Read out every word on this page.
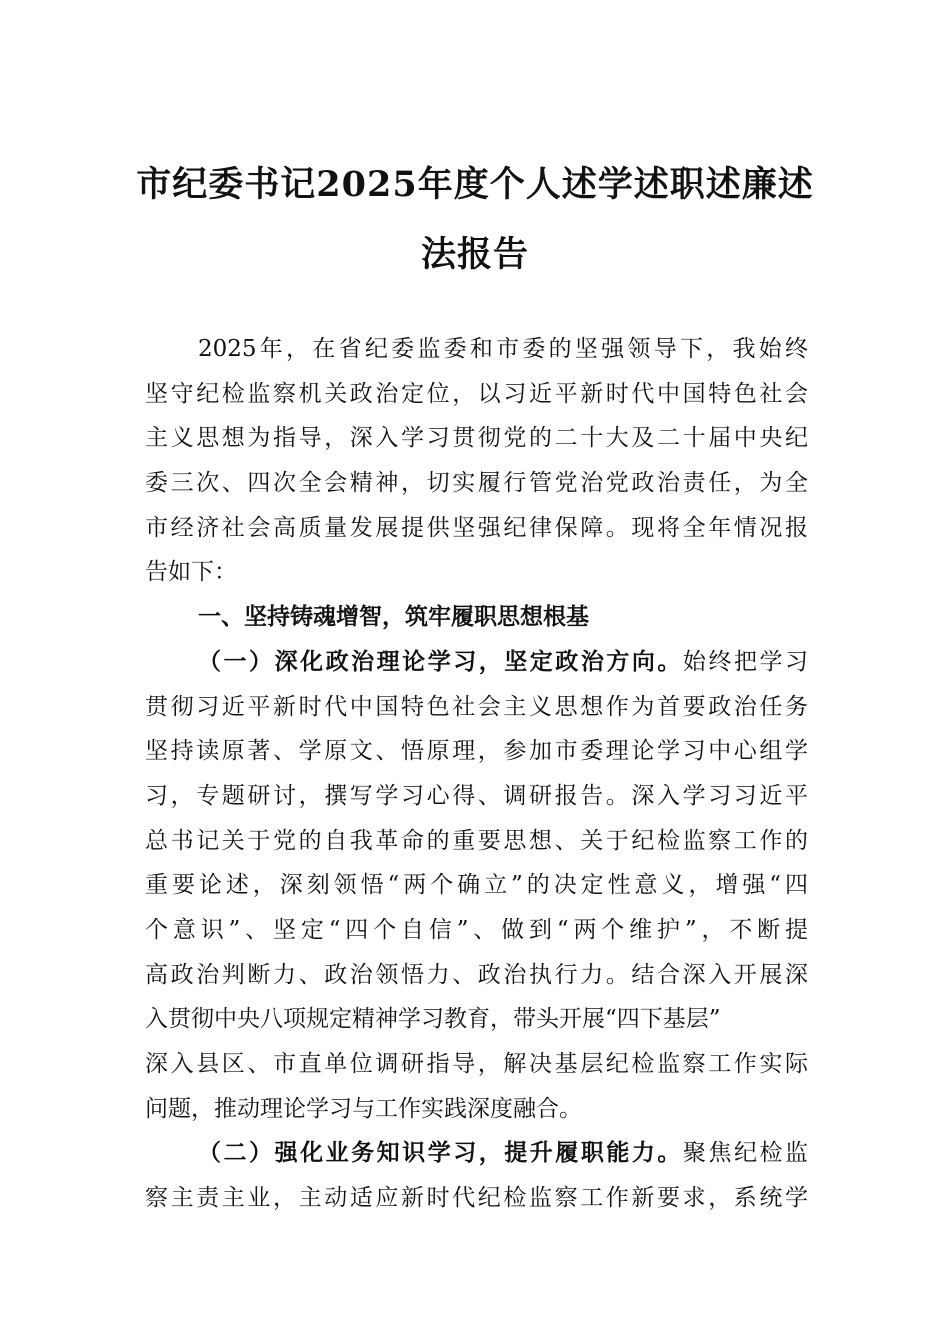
市纪委书记2025年度个人述学述职述廉述
法报告
2025年，在省纪委监委和市委的坚强领导下，我始终
坚守纪检监察机关政治定位，以习近平新时代中国特色社会
主义思想为指导，深入学习贯彻党的二十大及二十届中央纪
委三次、四次全会精神，切实履行管党治党政治责任，为全
市经济社会高质量发展提供坚强纪律保障。现将全年情况报
告如下：
一、坚持铸魂增智，筑牢履职思想根基
（一）深化政治理论学习，坚定政治方向。始终把学习
贯彻习近平新时代中国特色社会主义思想作为首要政治任务
坚持读原著、学原文、悟原理，参加市委理论学习中心组学
习，专题研讨，撰写学习心得、调研报告。深入学习习近平
总书记关于党的自我革命的重要思想、关于纪检监察工作的
重要论述，深刻领悟“两个确立”的决定性意义，增强“四
个意识”、坚定“四个自信”、做到“两个维护”，不断提
高政治判断力、政治领悟力、政治执行力。结合深入开展深
入贯彻中央八项规定精神学习教育，带头开展“四下基层”
深入县区、市直单位调研指导，解决基层纪检监察工作实际
问题，推动理论学习与工作实践深度融合。
（二）强化业务知识学习，提升履职能力。聚焦纪检监
察主责主业，主动适应新时代纪检监察工作新要求，系统学
